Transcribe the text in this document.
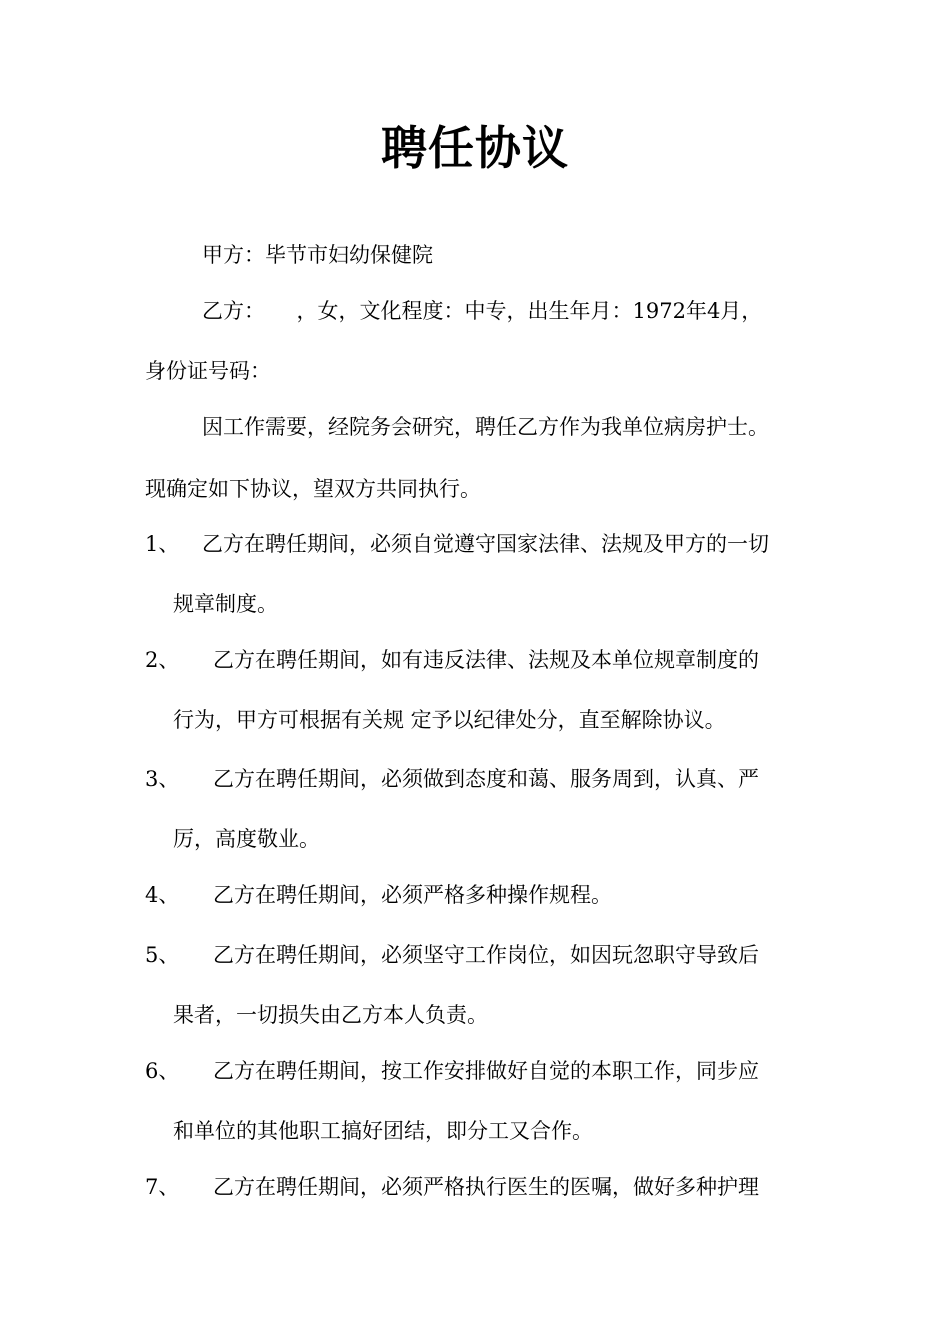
聘任协议
甲方：毕节市妇幼保健院
乙方：　　，女，文化程度：中专，出生年月：1972年4月，
身份证号码：
因工作需要，经院务会研究，聘任乙方作为我单位病房护士。
现确定如下协议，望双方共同执行。
1、 乙方在聘任期间，必须自觉遵守国家法律、法规及甲方的一切
规章制度。
2、 乙方在聘任期间，如有违反法律、法规及本单位规章制度的
行为，甲方可根据有关规 定予以纪律处分，直至解除协议。
3、 乙方在聘任期间，必须做到态度和蔼、服务周到，认真、严
厉，高度敬业。
4、 乙方在聘任期间，必须严格多种操作规程。
5、 乙方在聘任期间，必须坚守工作岗位，如因玩忽职守导致后
果者，一切损失由乙方本人负责。
6、 乙方在聘任期间，按工作安排做好自觉的本职工作，同步应
和单位的其他职工搞好团结，即分工又合作。
7、 乙方在聘任期间，必须严格执行医生的医嘱，做好多种护理
